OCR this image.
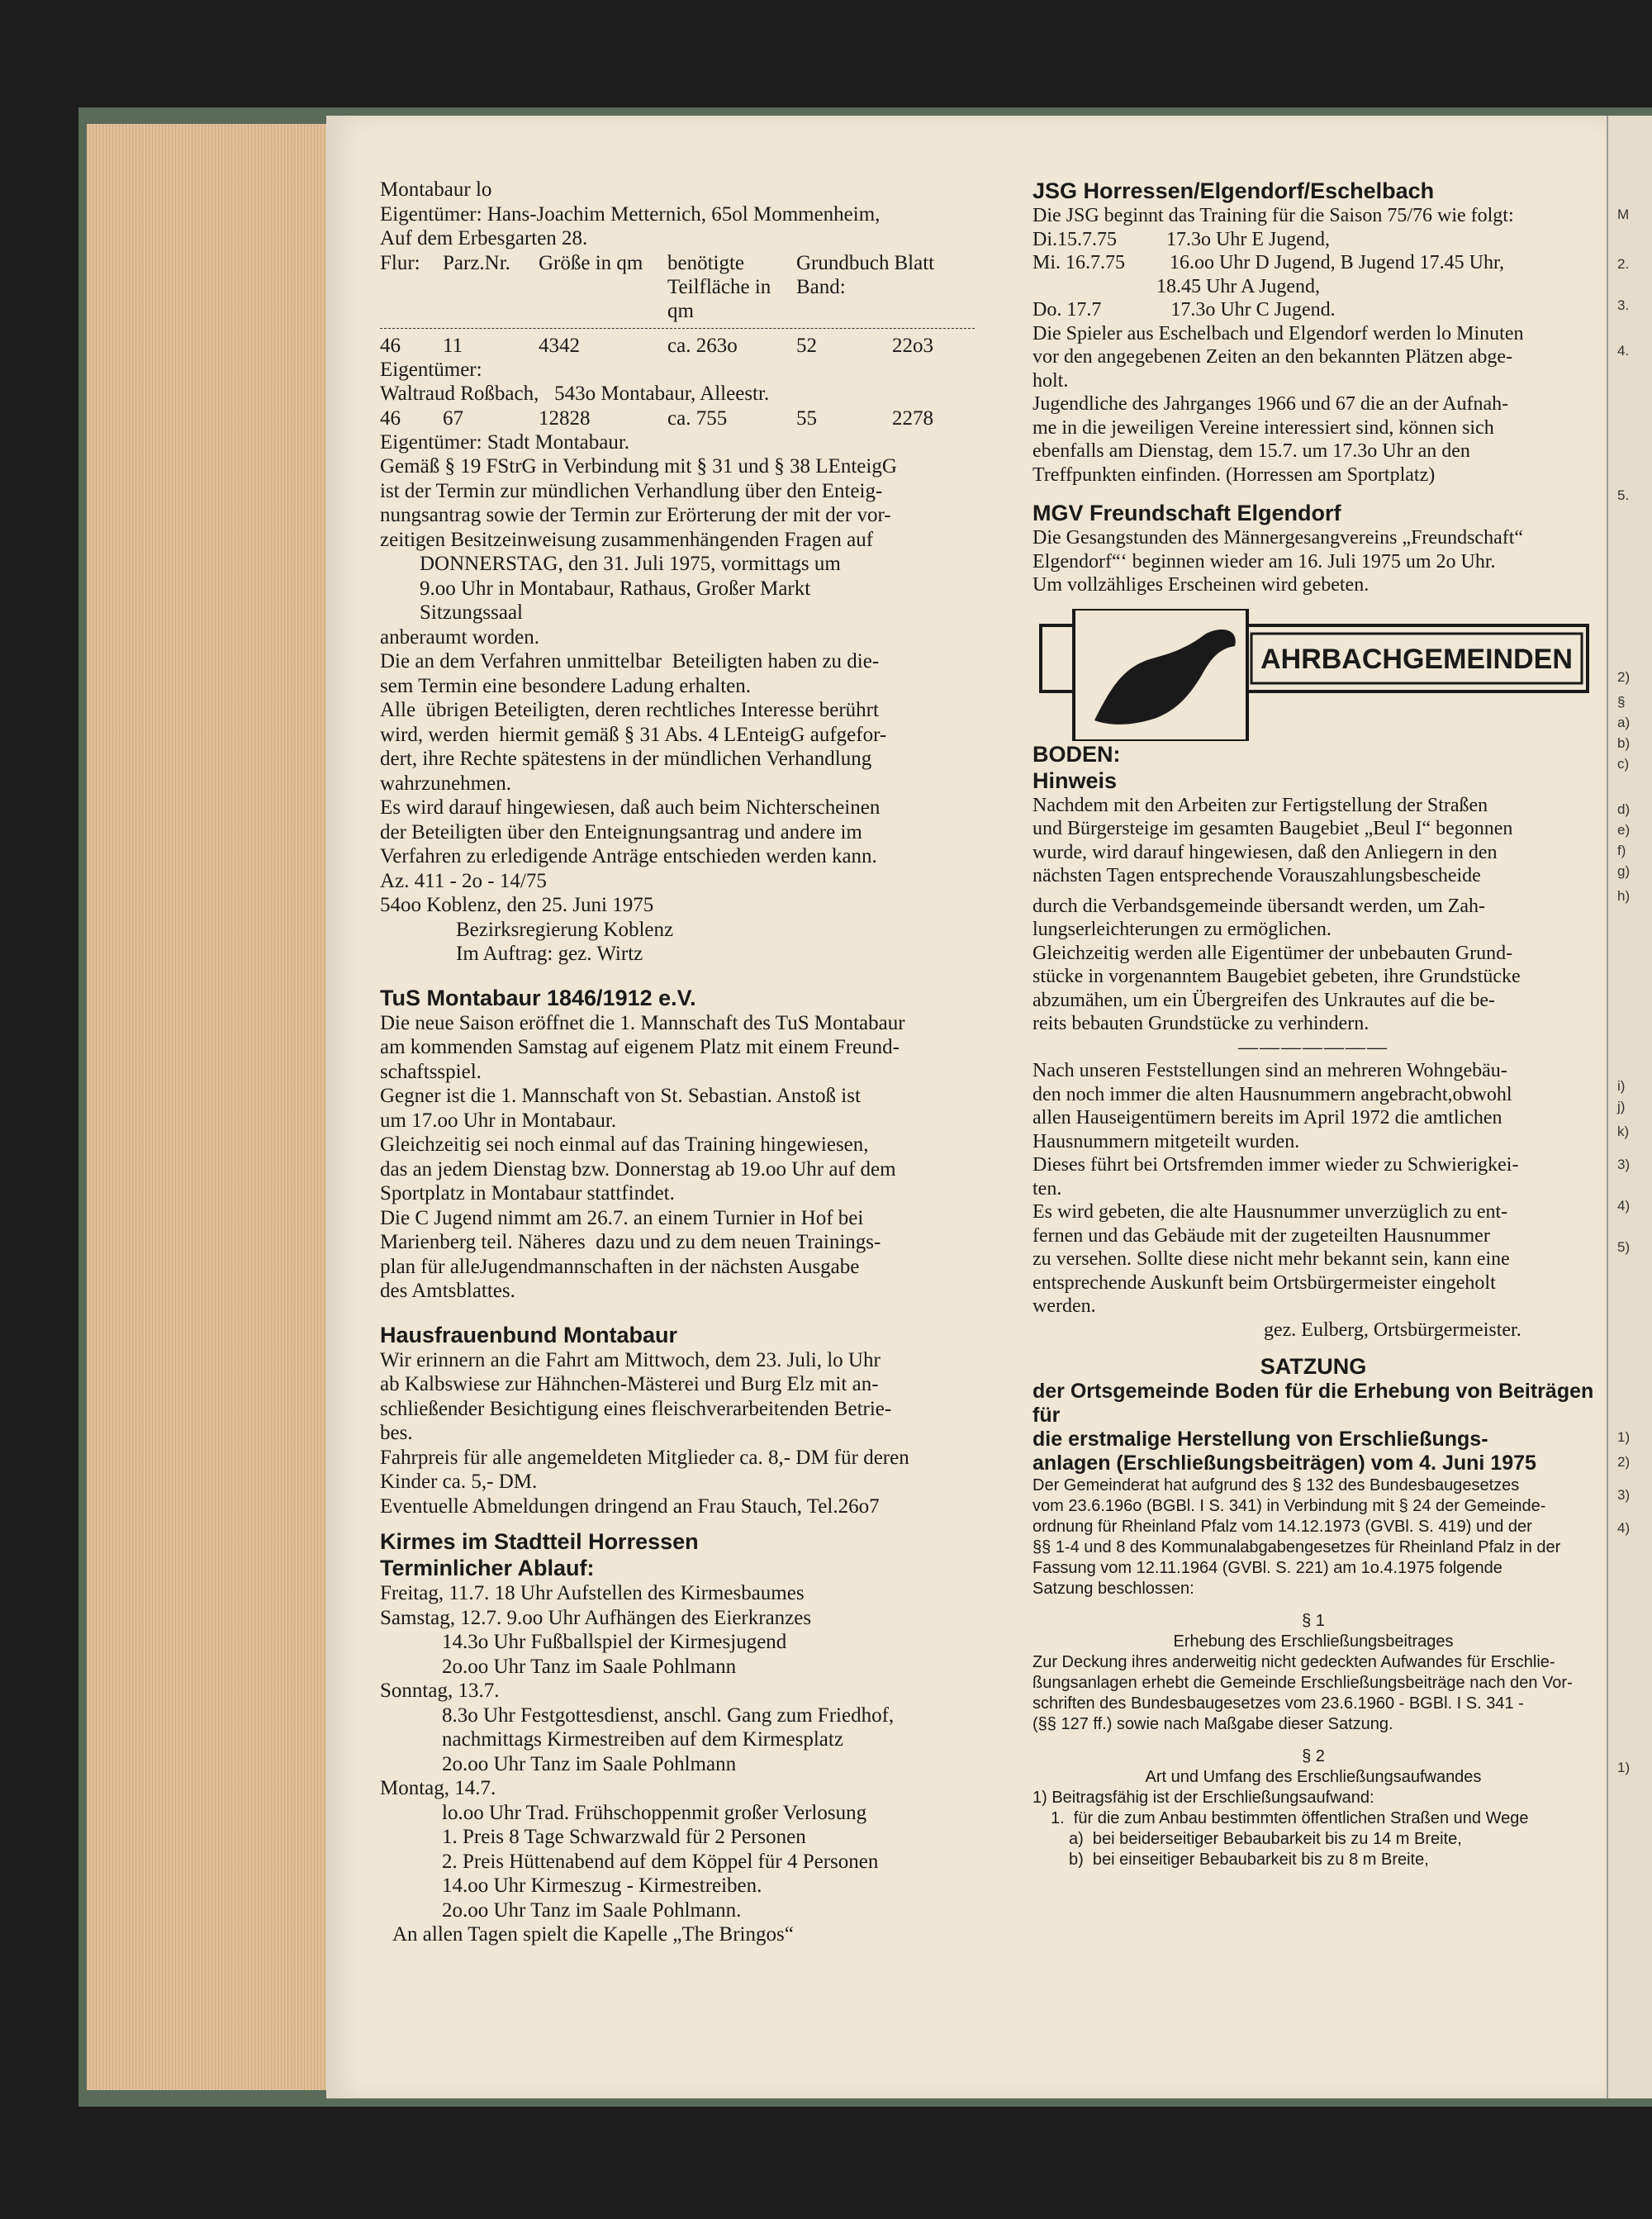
Montabaur lo
Eigentümer: Hans-Joachim Metternich, 65ol Mommenheim,
Auf dem Erbesgarten 28.
Flur:	Parz.Nr.	Größe in qm	benötigte Teilfläche in qm	Grundbuch Band:	Blatt
46	11	4342	ca. 263o	52	22o3
Eigentümer:
Waltraud Roßbach,   543o Montabaur, Alleestr.
46	67	12828	ca. 755	55	2278
Eigentümer: Stadt Montabaur.
Gemäß § 19 FStrG in Verbindung mit § 31 und § 38 LEnteigG
ist der Termin zur mündlichen Verhandlung über den Enteig-
nungsantrag sowie der Termin zur Erörterung der mit der vor-
zeitigen Besitzeinweisung zusammenhängenden Fragen auf
DONNERSTAG, den 31. Juli 1975, vormittags um
9.oo Uhr in Montabaur, Rathaus, Großer Markt
Sitzungssaal
anberaumt worden.
Die an dem Verfahren unmittelbar  Beteiligten haben zu die-
sem Termin eine besondere Ladung erhalten.
Alle  übrigen Beteiligten, deren rechtliches Interesse berührt
wird, werden  hiermit gemäß § 31 Abs. 4 LEnteigG aufgefor-
dert, ihre Rechte spätestens in der mündlichen Verhandlung
wahrzunehmen.
Es wird darauf hingewiesen, daß auch beim Nichterscheinen
der Beteiligten über den Enteignungsantrag und andere im
Verfahren zu erledigende Anträge entschieden werden kann.
Az. 411 - 2o - 14/75
54oo Koblenz, den 25. Juni 1975
Bezirksregierung Koblenz
Im Auftrag: gez. Wirtz
TuS Montabaur 1846/1912 e.V.
Die neue Saison eröffnet die 1. Mannschaft des TuS Montabaur
am kommenden Samstag auf eigenem Platz mit einem Freund-
schaftsspiel.
Gegner ist die 1. Mannschaft von St. Sebastian. Anstoß ist
um 17.oo Uhr in Montabaur.
Gleichzeitig sei noch einmal auf das Training hingewiesen,
das an jedem Dienstag bzw. Donnerstag ab 19.oo Uhr auf dem
Sportplatz in Montabaur stattfindet.
Die C Jugend nimmt am 26.7. an einem Turnier in Hof bei
Marienberg teil. Näheres  dazu und zu dem neuen Trainings-
plan für alleJugendmannschaften in der nächsten Ausgabe
des Amtsblattes.
Hausfrauenbund Montabaur
Wir erinnern an die Fahrt am Mittwoch, dem 23. Juli, lo Uhr
ab Kalbswiese zur Hähnchen-Mästerei und Burg Elz mit an-
schließender Besichtigung eines fleischverarbeitenden Betrie-
bes.
Fahrpreis für alle angemeldeten Mitglieder ca. 8,- DM für deren
Kinder ca. 5,- DM.
Eventuelle Abmeldungen dringend an Frau Stauch, Tel.26o7
Kirmes im Stadtteil Horressen
Terminlicher Ablauf:
Freitag, 11.7. 18 Uhr Aufstellen des Kirmesbaumes
Samstag, 12.7. 9.oo Uhr Aufhängen des Eierkranzes
14.3o Uhr Fußballspiel der Kirmesjugend
2o.oo Uhr Tanz im Saale Pohlmann
Sonntag, 13.7.
8.3o Uhr Festgottesdienst, anschl. Gang zum Friedhof,
nachmittags Kirmestreiben auf dem Kirmesplatz
2o.oo Uhr Tanz im Saale Pohlmann
Montag, 14.7.
lo.oo Uhr Trad. Frühschoppenmit großer Verlosung
1. Preis 8 Tage Schwarzwald für 2 Personen
2. Preis Hüttenabend auf dem Köppel für 4 Personen
14.oo Uhr Kirmeszug - Kirmestreiben.
2o.oo Uhr Tanz im Saale Pohlmann.
An allen Tagen spielt die Kapelle „The Bringos“
JSG Horressen/Elgendorf/Eschelbach
Die JSG beginnt das Training für die Saison 75/76 wie folgt:
Di.15.7.75          17.3o Uhr E Jugend,
Mi. 16.7.75         16.oo Uhr D Jugend, B Jugend 17.45 Uhr,
18.45 Uhr A Jugend,
Do. 17.7              17.3o Uhr C Jugend.
Die Spieler aus Eschelbach und Elgendorf werden lo Minuten
vor den angegebenen Zeiten an den bekannten Plätzen abge-
holt.
Jugendliche des Jahrganges 1966 und 67 die an der Aufnah-
me in die jeweiligen Vereine interessiert sind, können sich
ebenfalls am Dienstag, dem 15.7. um 17.3o Uhr an den
Treffpunkten einfinden. (Horressen am Sportplatz)
MGV Freundschaft Elgendorf
Die Gesangstunden des Männergesangvereins „Freundschaft“
Elgendorf“‘ beginnen wieder am 16. Juli 1975 um 2o Uhr.
Um vollzähliges Erscheinen wird gebeten.
AHRBACHGEMEINDEN
BODEN:
Hinweis
Nachdem mit den Arbeiten zur Fertigstellung der Straßen
und Bürgersteige im gesamten Baugebiet „Beul I“ begonnen
wurde, wird darauf hingewiesen, daß den Anliegern in den
nächsten Tagen entsprechende Vorauszahlungsbescheide
durch die Verbandsgemeinde übersandt werden, um Zah-
lungserleichterungen zu ermöglichen.
Gleichzeitig werden alle Eigentümer der unbebauten Grund-
stücke in vorgenanntem Baugebiet gebeten, ihre Grundstücke
abzumähen, um ein Übergreifen des Unkrautes auf die be-
reits bebauten Grundstücke zu verhindern.
———————
Nach unseren Feststellungen sind an mehreren Wohngebäu-
den noch immer die alten Hausnummern angebracht,obwohl
allen Hauseigentümern bereits im April 1972 die amtlichen
Hausnummern mitgeteilt wurden.
Dieses führt bei Ortsfremden immer wieder zu Schwierigkei-
ten.
Es wird gebeten, die alte Hausnummer unverzüglich zu ent-
fernen und das Gebäude mit der zugeteilten Hausnummer
zu versehen. Sollte diese nicht mehr bekannt sein, kann eine
entsprechende Auskunft beim Ortsbürgermeister eingeholt
werden.
gez. Eulberg, Ortsbürgermeister.
SATZUNG
der Ortsgemeinde Boden für die Erhebung von Beiträgen für
die erstmalige Herstellung von Erschließungs-
anlagen (Erschließungsbeiträgen) vom 4. Juni 1975
Der Gemeinderat hat aufgrund des § 132 des Bundesbaugesetzes
vom 23.6.196o (BGBl. I S. 341) in Verbindung mit § 24 der Gemeinde-
ordnung für Rheinland Pfalz vom 14.12.1973 (GVBl. S. 419) und der
§§ 1-4 und 8 des Kommunalabgabengesetzes für Rheinland Pfalz in der
Fassung vom 12.11.1964 (GVBl. S. 221) am 1o.4.1975 folgende
Satzung beschlossen:
§ 1
Erhebung des Erschließungsbeitrages
Zur Deckung ihres anderweitig nicht gedeckten Aufwandes für Erschlie-
ßungsanlagen erhebt die Gemeinde Erschließungsbeiträge nach den Vor-
schriften des Bundesbaugesetzes vom 23.6.1960 - BGBl. I S. 341 -
(§§ 127 ff.) sowie nach Maßgabe dieser Satzung.
§ 2
Art und Umfang des Erschließungsaufwandes
1) Beitragsfähig ist der Erschließungsaufwand:
1.  für die zum Anbau bestimmten öffentlichen Straßen und Wege
a)  bei beiderseitiger Bebaubarkeit bis zu 14 m Breite,
b)  bei einseitiger Bebaubarkeit bis zu 8 m Breite,
M
2.
3.
4.
5.
2)
§
a)
b)
c)
d)
e)
f)
g)
h)
i)
j)
k)
3)
4)
5)
1)
2)
3)
4)
1)
